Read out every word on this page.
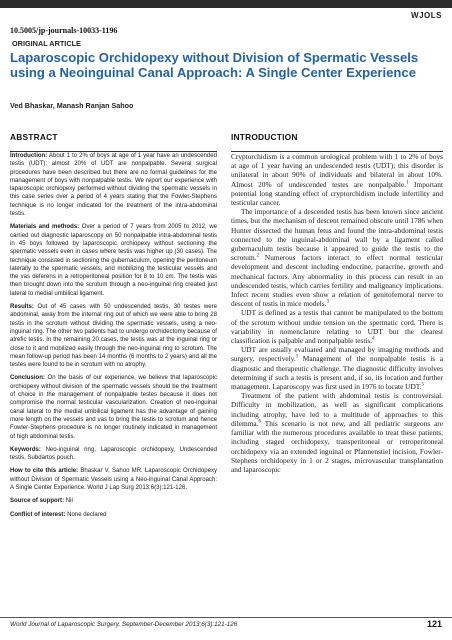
WJOLS
10.5005/jp-journals-10033-1196
ORIGINAL ARTICLE
Laparoscopic Orchidopexy without Division of Spermatic Vessels using a Neoinguinal Canal Approach: A Single Center Experience
Ved Bhaskar, Manash Ranjan Sahoo
ABSTRACT

Introduction: About 1 to 2% of boys at age of 1 year have an undescended testis (UDT); almost 20% of UDT are nonpalpable. Several surgical procedures have been described but there are no formal guidelines for the management of boys with nonpalpable testis. We report our experience with laparoscopic orchiopexy performed without dividing the spermatic vessels in this case series over a period of 4 years stating that the Fowler-Stephens technique is no longer indicated for the treatment of the intra-abdominal testis.

Materials and methods: Over a period of 7 years from 2005 to 2012, we carried out diagnostic laparoscopy on 50 nonpalpable intra-abdominal testis in 45 boys followed by laparoscopic orchiopexy without sectioning the spermatic vessels even in cases where testis was higher up (30 cases). The technique consisted in sectioning the gubernaculum, opening the peritoneum laterally to the spermatic vessels, and mobilizing the testicular vessels and the vas deferens in a retroperitoneal position for 8 to 10 cm. The testis was then brought down into the scrotum through a neo-inguinal ring created just lateral to medial umbilical ligament.

Results: Out of 45 cases with 50 undescended testis, 30 testes were abdominal, away from the internal ring out of which we were able to bring 28 testis in the scrotum without dividing the spermatic vessels, using a neo-inguinal ring. The other two patients had to undergo orchidectomy because of atrefic testis. In the remaining 20 cases, the testis was at the inguinal ring or close to it and mobilized easily through the neo-inguinal ring to scrotum. The mean follow-up period has been 14 months (6 months to 2 years) and all the testes were found to be in scrotum with no atrophy.

Conclusion: On the basis of our experience, we believe that laparoscopic orchiopexy without division of the spermatic vessels should be the treatment of choice in the management of nonpalpable testes because it does not compromise the normal testicular vascularization. Creation of neo-inguinal canal lateral to the medial umbilical ligament has the advantage of gaining more length on the vessels and vas to bring the testis to scrotum and hence Fowler-Stephens procedure is no longer routinely indicated in management of high abdominal testis.

Keywords: Neo-inguinal ring, Laparoscopic orchidopexy, Undescended testis, Subdartos pouch.

How to cite this article: Bhaskar V, Sahoo MR. Laparoscopic Orchidopexy without Division of Spermatic Vessels using a Neo-inguinal Canal Approach: A Single Center Experience. World J Lap Surg 2013;6(3):121-126.

Source of support: Nil

Conflict of interest: None declared

INTRODUCTION

Cryptorchidism is a common urological problem with 1 to 2% of boys at age of 1 year having an undescended testis (UDT); this disorder is unilateral in about 90% of individuals and bilateral in about 10%. Almost 20% of undescended testes are nonpalpable.$^1$ Important potential long standing effect of cryptorchidism include infertility and testicular cancer.

The importance of a descended testis has been known since ancient times, but the mechanism of descent remained obscure until 1786 when Hunter dissected the human fetus and found the intra-abdominal testis connected to the inguinal-abdominal wall by a ligament called gubernaculum testis because it appeared to guide the testis to the scrotum.$^2$ Numerous factors interact to effect normal testicular development and descent including endocrine, paracrine, growth and mechanical factors. Any abnormality in this process can result in an undescended testis, which carries fertility and malignancy implications. Infect recent studies even show a relation of genitofemoral nerve to descent of testis in mice models.$^3$

UDT is defined as a testis that cannot be manipulated to the bottom of the scrotum without undue tension on the spermatic cord. There is variability in nomenclature relating to UDT but the clearest classification is palpable and nonpalpable testis.$^4$

UDT are usually evaluated and managed by imaging methods and surgery, respectively.$^1$ Management of the nonpalpable testis is a diagnostic and therapeutic challenge. The diagnostic difficulty involves determining if such a testis is present and, if so, its location and further management. Laparoscopy was first used in 1976 to locate UDT.$^5$

Treatment of the patient with abdominal testis is controversial. Difficulty in mobilization, as well as significant complications including atrophy, have led to a multitude of approaches to this dilemma.$^6$ This scenario is not new, and all pediatric surgeons are familiar with the numerous procedures available to treat these patients, including staged orchidopexy, transperitoneal or retroperitoneal orchidopexy via an extended inguinal or Pfannenstiel incision, Fowler-Stephens orchidopexy in 1 or 2 stages, microvascular transplantation and laparoscopic

World Journal of Laparoscopic Surgery, September-December 2013;6(3):121-126	121
